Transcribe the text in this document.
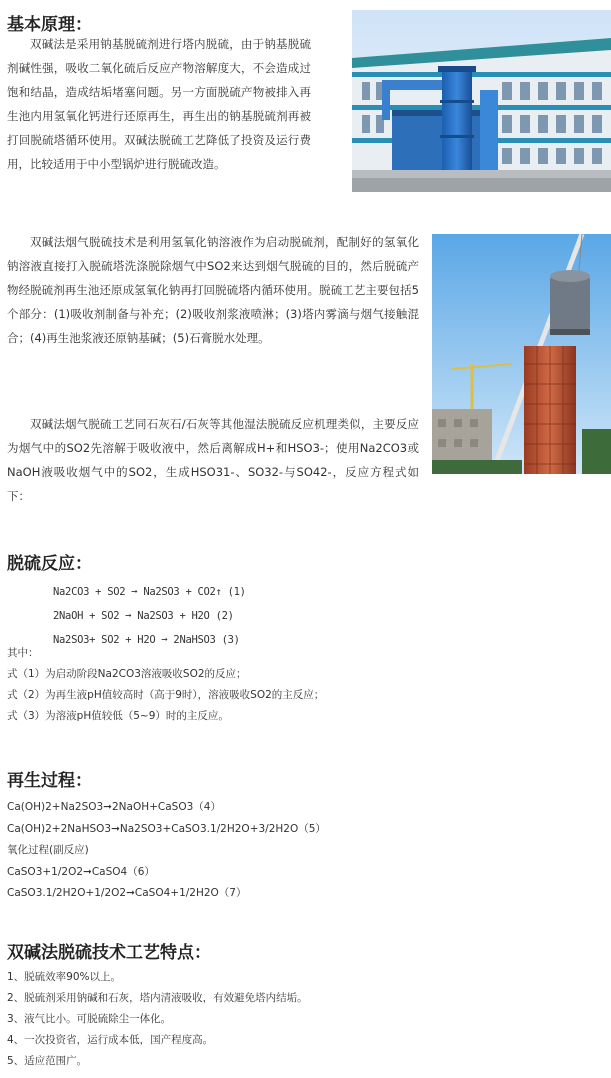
基本原理：

双碱法是采用钠基脱硫剂进行塔内脱硫，由于钠基脱硫剂碱性强，吸收二氧化硫后反应产物溶解度大，不会造成过饱和结晶，造成结垢堵塞问题。另一方面脱硫产物被排入再生池内用氢氧化钙进行还原再生，再生出的钠基脱硫剂再被打回脱硫塔循环使用。双碱法脱硫工艺降低了投资及运行费用，比较适用于中小型锅炉进行脱硫改造。

双碱法烟气脱硫技术是利用氢氧化钠溶液作为启动脱硫剂，配制好的氢氧化钠溶液直接打入脱硫塔洗涤脱除烟气中SO2来达到烟气脱硫的目的，然后脱硫产物经脱硫剂再生池还原成氢氧化钠再打回脱硫塔内循环使用。脱硫工艺主要包括5个部分：(1)吸收剂制备与补充；(2)吸收剂浆液喷淋；(3)塔内雾滴与烟气接触混合；(4)再生池浆液还原钠基碱；(5)石膏脱水处理。

双碱法烟气脱硫工艺同石灰石/石灰等其他湿法脱硫反应机理类似，主要反应为烟气中的SO2先溶解于吸收液中，然后离解成H+和HSO3-；使用Na2CO3或NaOH液吸收烟气中的SO2，生成HSO31-、SO32-与SO42-，反应方程式如下：

脱硫反应：
Na2CO3 + SO2 ➞ Na2SO3 + CO2↑ (1)
2NaOH + SO2 ➞ Na2SO3 + H2O (2)
Na2SO3+ SO2 + H2O ➞ 2NaHSO3 (3)
其中：
式（1）为启动阶段Na2CO3溶液吸收SO2的反应；
式（2）为再生液pH值较高时（高于9时），溶液吸收SO2的主反应；
式（3）为溶液pH值较低（5~9）时的主反应。
再生过程：
Ca(OH)2+Na2SO3➞2NaOH+CaSO3（4）
Ca(OH)2+2NaHSO3➞Na2SO3+CaSO3.1/2H2O+3/2H2O（5）
氧化过程(副反应)
CaSO3+1/2O2➞CaSO4（6）
CaSO3.1/2H2O+1/2O2➞CaSO4+1/2H2O（7）
双碱法脱硫技术工艺特点：
1、脱硫效率90%以上。
2、脱硫剂采用钠碱和石灰，塔内清液吸收，有效避免塔内结垢。
3、液气比小。可脱硫除尘一体化。
4、一次投资省，运行成本低，国产程度高。
5、适应范围广。
